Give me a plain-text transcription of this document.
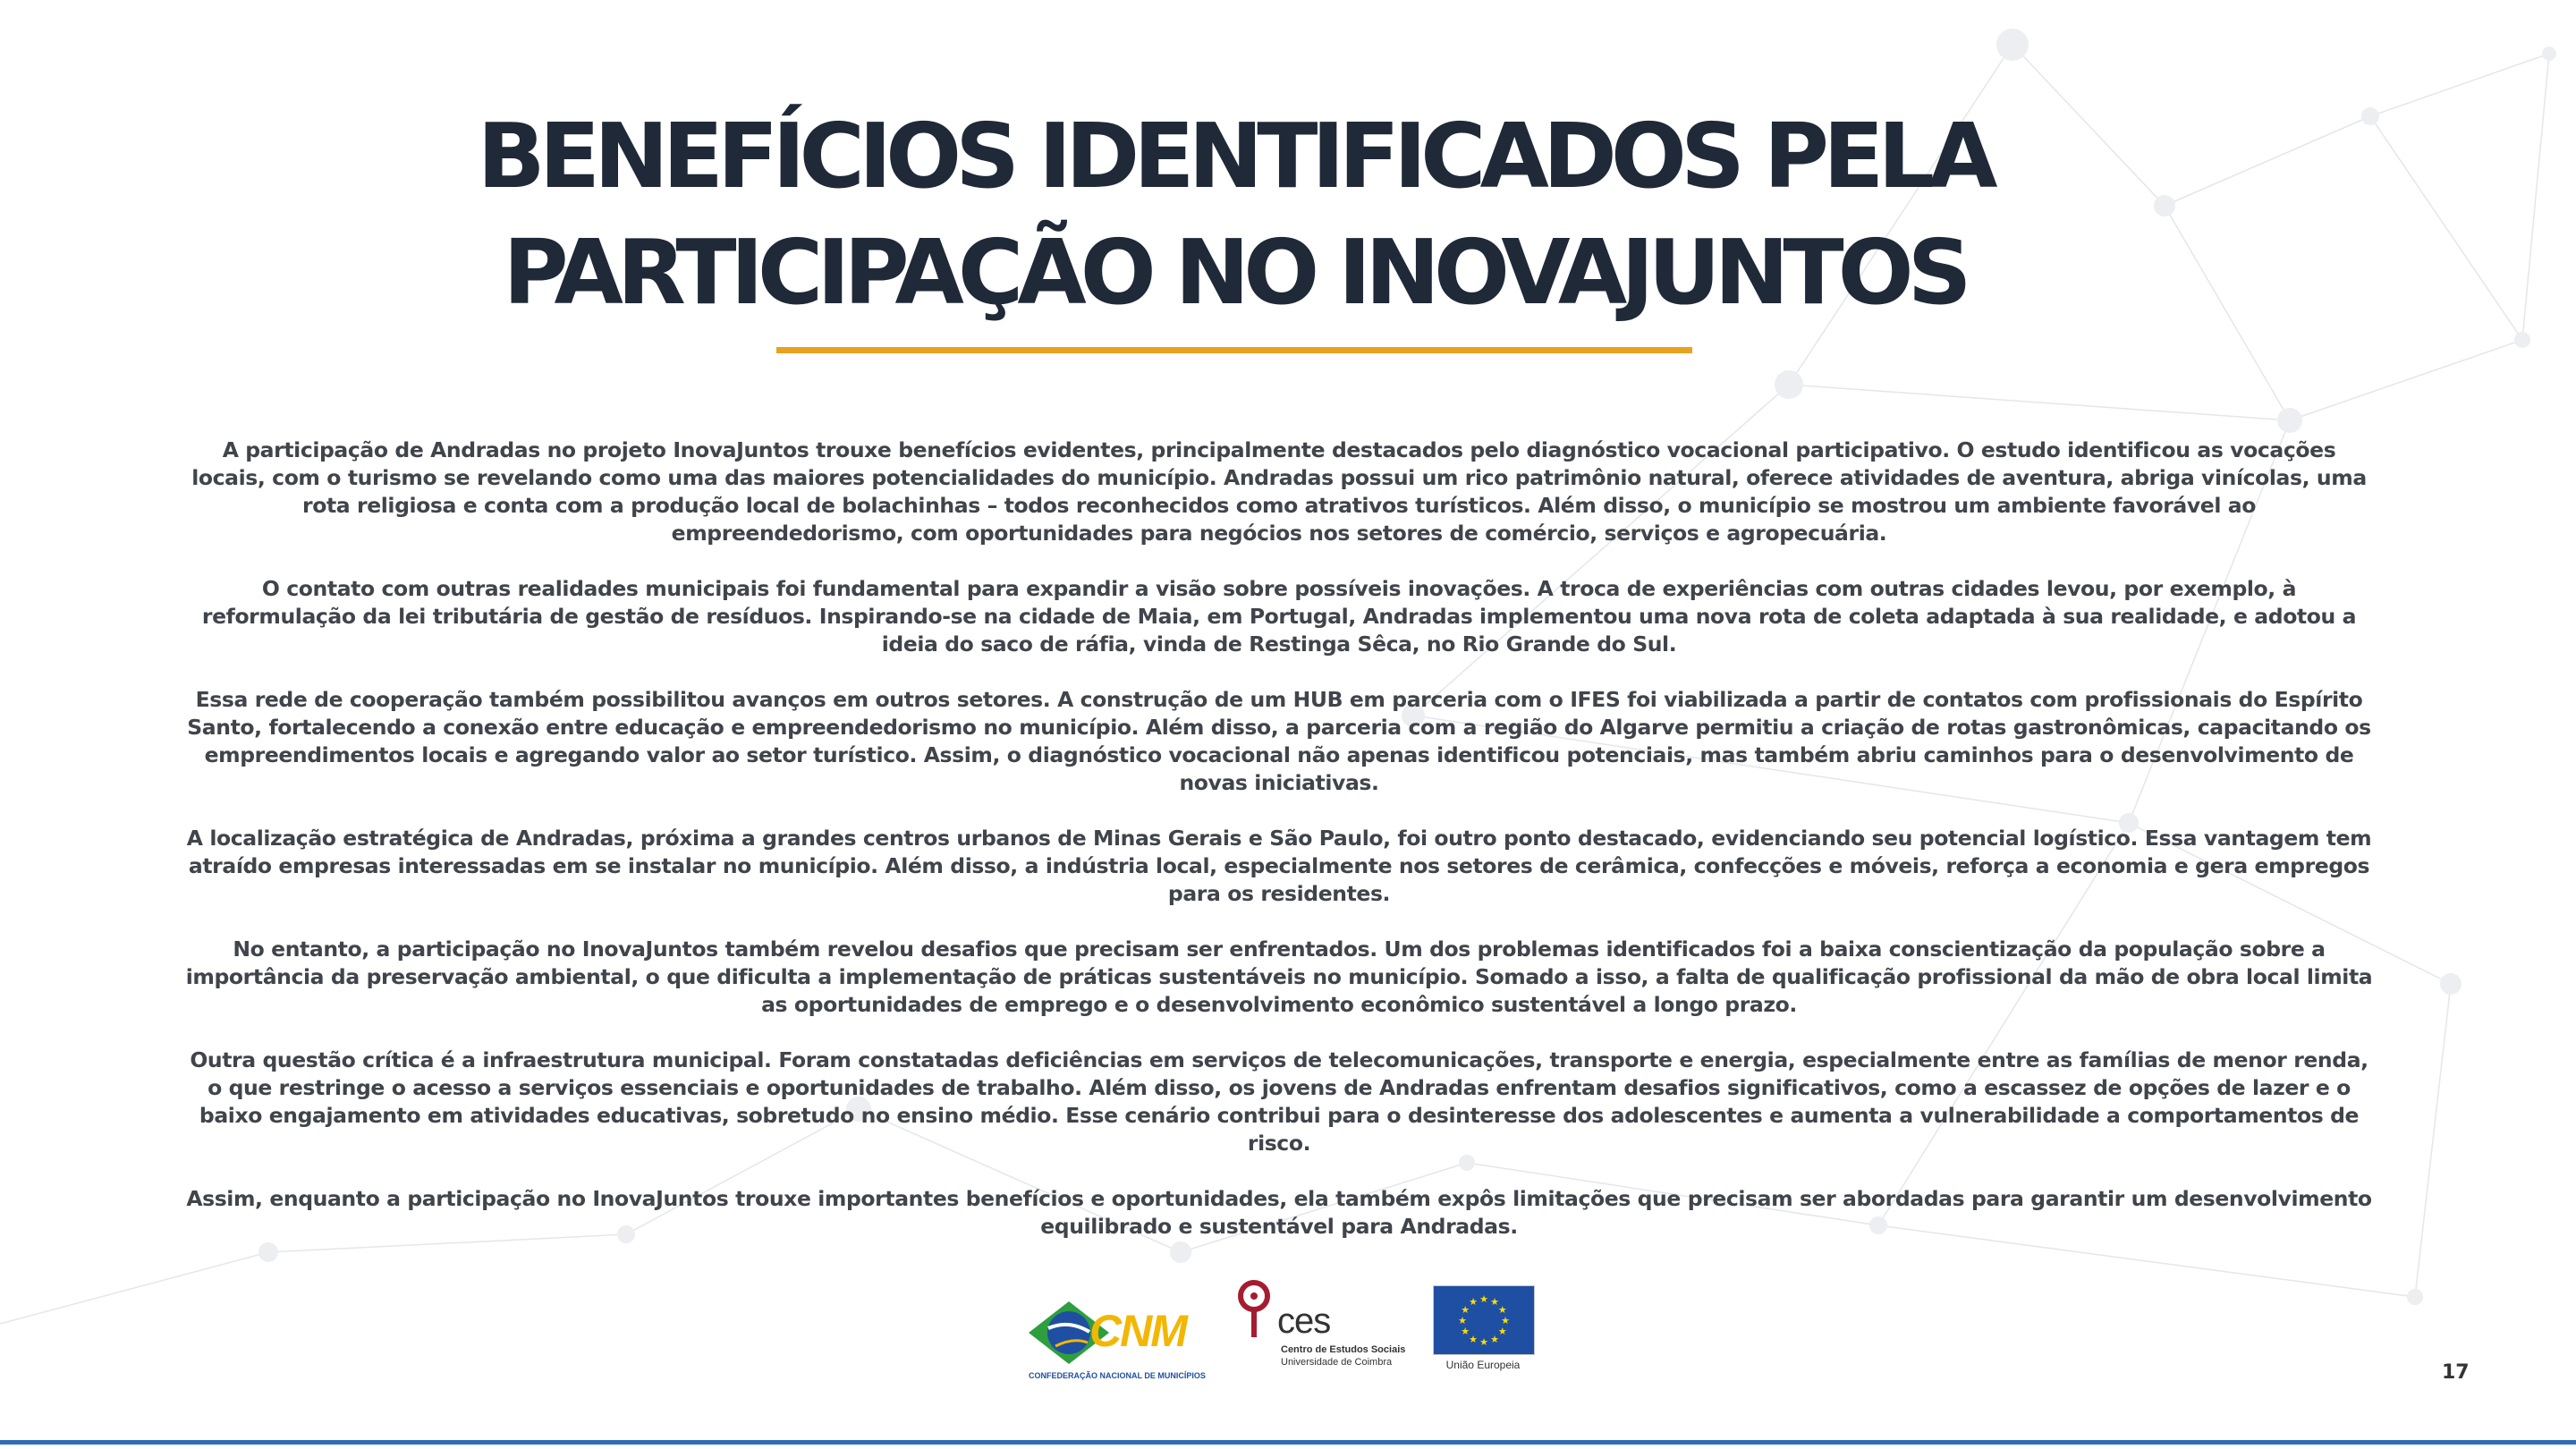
BENEFÍCIOS IDENTIFICADOS PELA
PARTICIPAÇÃO NO INOVAJUNTOS

A participação de Andradas no projeto InovaJuntos trouxe benefícios evidentes, principalmente destacados pelo diagnóstico vocacional participativo. O estudo identificou as vocações locais, com o turismo se revelando como uma das maiores potencialidades do município. Andradas possui um rico patrimônio natural, oferece atividades de aventura, abriga vinícolas, uma rota religiosa e conta com a produção local de bolachinhas – todos reconhecidos como atrativos turísticos. Além disso, o município se mostrou um ambiente favorável ao empreendedorismo, com oportunidades para negócios nos setores de comércio, serviços e agropecuária.

O contato com outras realidades municipais foi fundamental para expandir a visão sobre possíveis inovações. A troca de experiências com outras cidades levou, por exemplo, à reformulação da lei tributária de gestão de resíduos. Inspirando-se na cidade de Maia, em Portugal, Andradas implementou uma nova rota de coleta adaptada à sua realidade, e adotou a ideia do saco de ráfia, vinda de Restinga Sêca, no Rio Grande do Sul.

Essa rede de cooperação também possibilitou avanços em outros setores. A construção de um HUB em parceria com o IFES foi viabilizada a partir de contatos com profissionais do Espírito Santo, fortalecendo a conexão entre educação e empreendedorismo no município. Além disso, a parceria com a região do Algarve permitiu a criação de rotas gastronômicas, capacitando os empreendimentos locais e agregando valor ao setor turístico. Assim, o diagnóstico vocacional não apenas identificou potenciais, mas também abriu caminhos para o desenvolvimento de novas iniciativas.

A localização estratégica de Andradas, próxima a grandes centros urbanos de Minas Gerais e São Paulo, foi outro ponto destacado, evidenciando seu potencial logístico. Essa vantagem tem atraído empresas interessadas em se instalar no município. Além disso, a indústria local, especialmente nos setores de cerâmica, confecções e móveis, reforça a economia e gera empregos para os residentes.

No entanto, a participação no InovaJuntos também revelou desafios que precisam ser enfrentados. Um dos problemas identificados foi a baixa conscientização da população sobre a importância da preservação ambiental, o que dificulta a implementação de práticas sustentáveis no município. Somado a isso, a falta de qualificação profissional da mão de obra local limita as oportunidades de emprego e o desenvolvimento econômico sustentável a longo prazo.

Outra questão crítica é a infraestrutura municipal. Foram constatadas deficiências em serviços de telecomunicações, transporte e energia, especialmente entre as famílias de menor renda, o que restringe o acesso a serviços essenciais e oportunidades de trabalho. Além disso, os jovens de Andradas enfrentam desafios significativos, como a escassez de opções de lazer e o baixo engajamento em atividades educativas, sobretudo no ensino médio. Esse cenário contribui para o desinteresse dos adolescentes e aumenta a vulnerabilidade a comportamentos de risco.

Assim, enquanto a participação no InovaJuntos trouxe importantes benefícios e oportunidades, ela também expôs limitações que precisam ser abordadas para garantir um desenvolvimento equilibrado e sustentável para Andradas.

CNM
CONFEDERAÇÃO NACIONAL DE MUNICÍPIOS
ces
Centro de Estudos Sociais
Universidade de Coimbra
★ ★
★
★
★
★
★
★
★
★
★
★
União Europeia	17
